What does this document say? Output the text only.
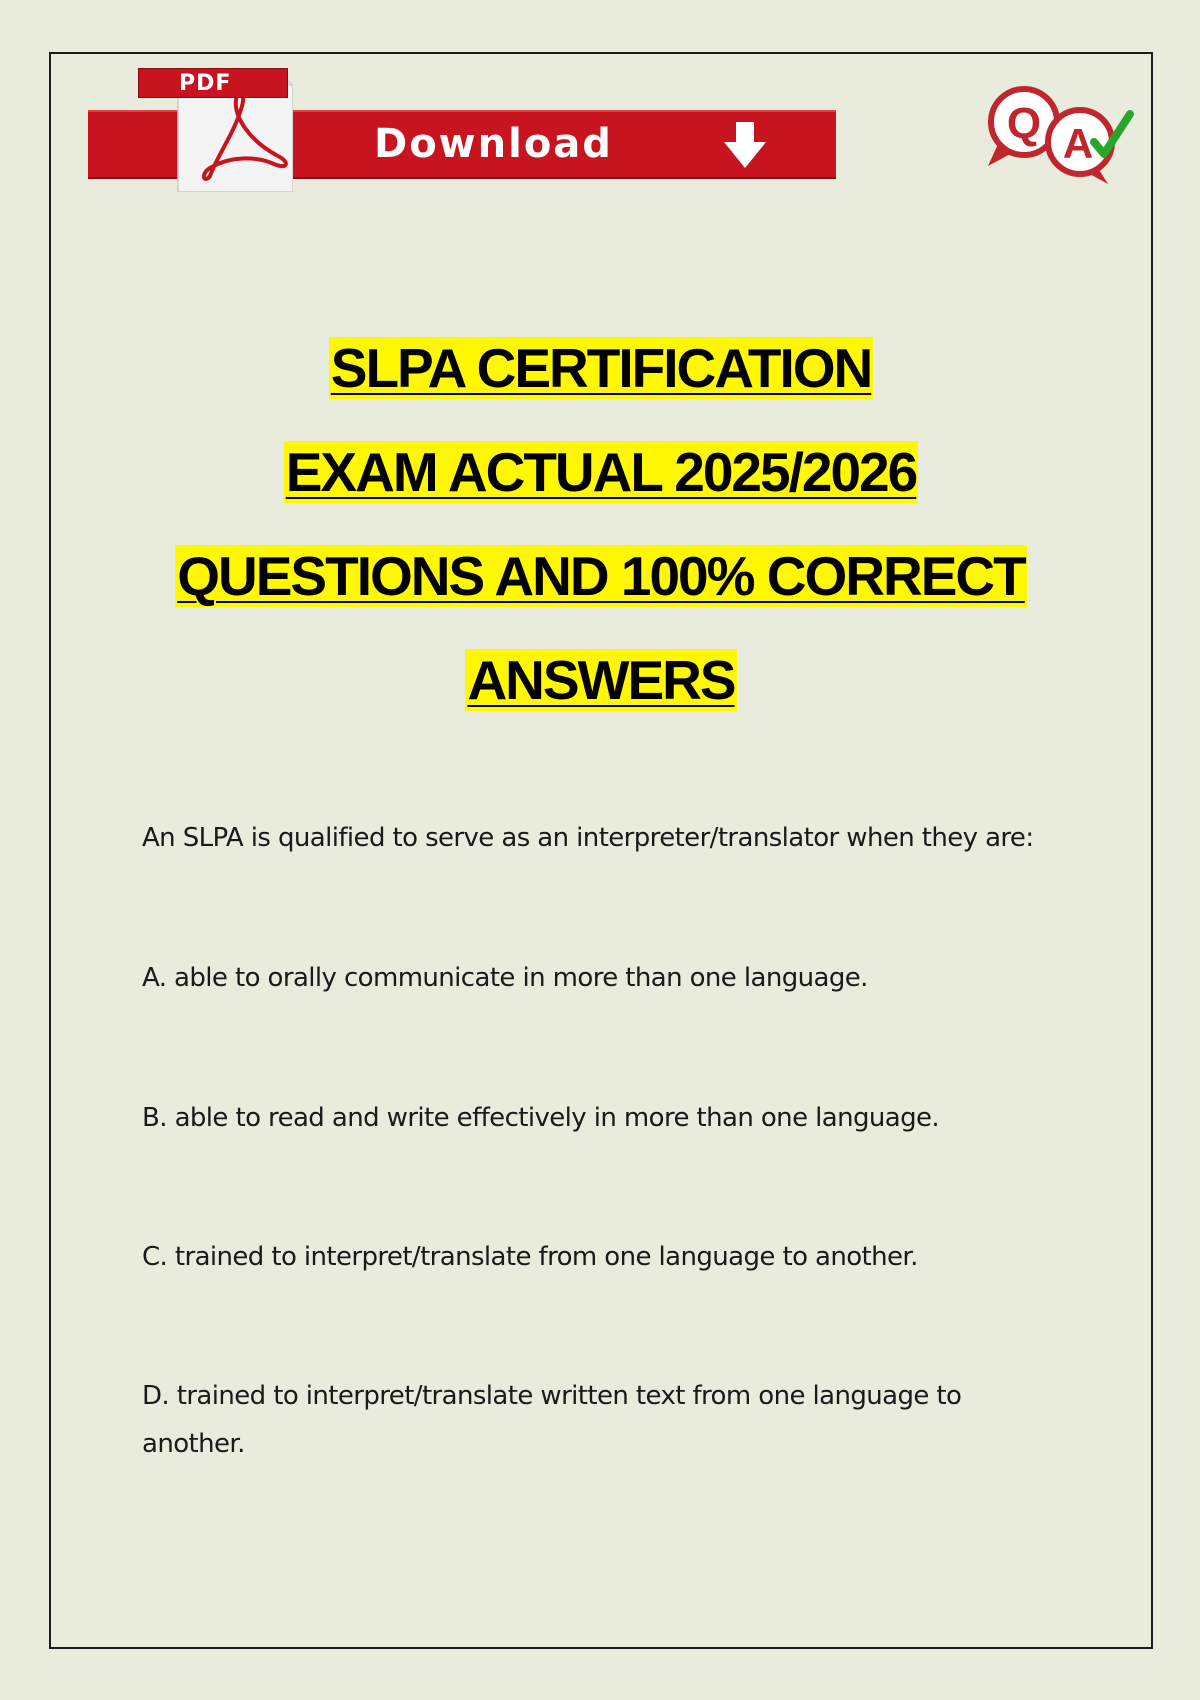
Download
PDF
Q A
SLPA CERTIFICATION
EXAM ACTUAL 2025/2026
QUESTIONS AND 100% CORRECT
ANSWERS
An SLPA is qualified to serve as an interpreter/translator when they are:
A. able to orally communicate in more than one language.
B. able to read and write effectively in more than one language.
C. trained to interpret/translate from one language to another.
D. trained to interpret/translate written text from one language to another.
